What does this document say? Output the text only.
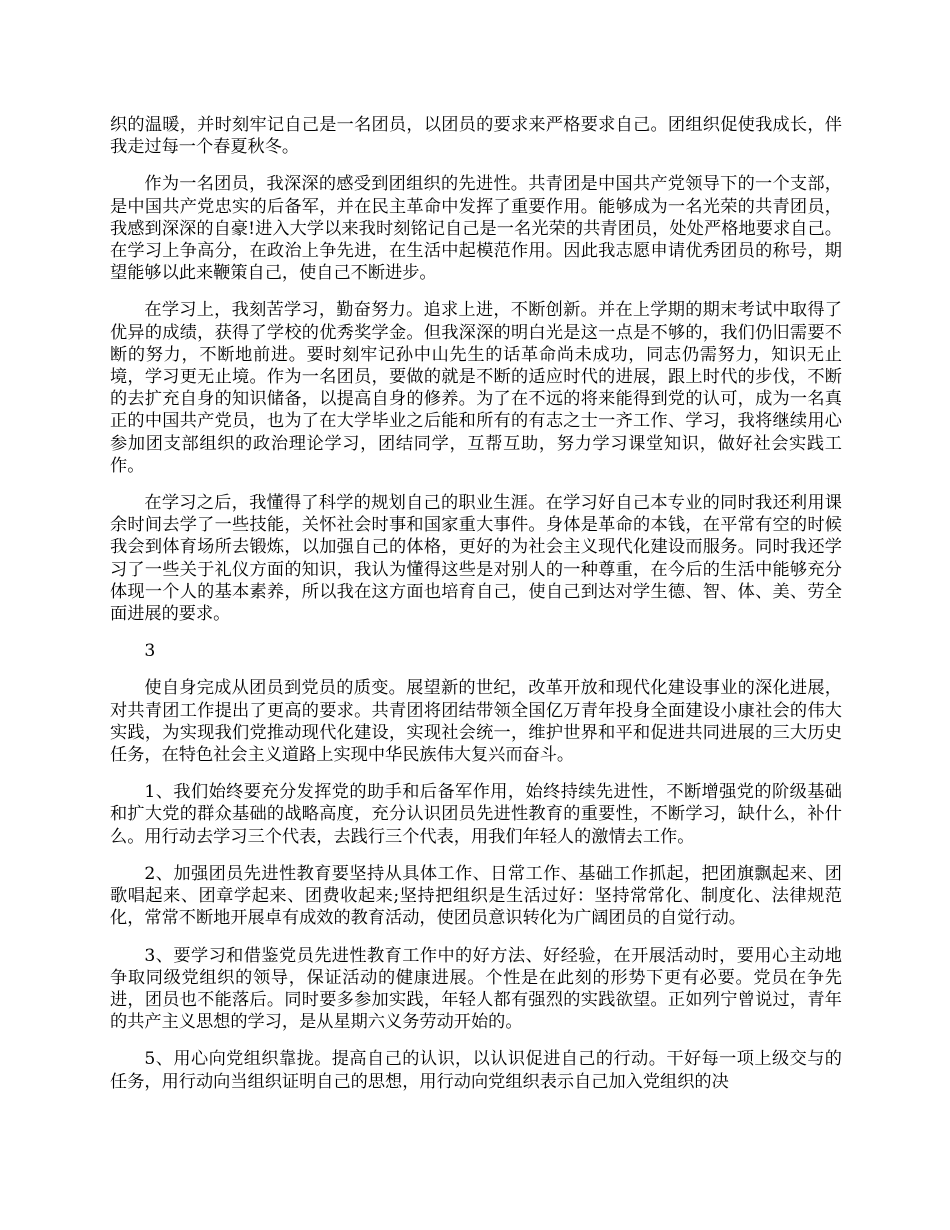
织的温暖，并时刻牢记自己是一名团员，以团员的要求来严格要求自己。团组织促使我成长，伴我走过每一个春夏秋冬。

作为一名团员，我深深的感受到团组织的先进性。共青团是中国共产党领导下的一个支部，是中国共产党忠实的后备军，并在民主革命中发挥了重要作用。能够成为一名光荣的共青团员，我感到深深的自豪!进入大学以来我时刻铭记自己是一名光荣的共青团员，处处严格地要求自己。在学习上争高分，在政治上争先进，在生活中起模范作用。因此我志愿申请优秀团员的称号，期望能够以此来鞭策自己，使自己不断进步。

在学习上，我刻苦学习，勤奋努力。追求上进，不断创新。并在上学期的期末考试中取得了优异的成绩，获得了学校的优秀奖学金。但我深深的明白光是这一点是不够的，我们仍旧需要不断的努力，不断地前进。要时刻牢记孙中山先生的话革命尚未成功，同志仍需努力，知识无止境，学习更无止境。作为一名团员，要做的就是不断的适应时代的进展，跟上时代的步伐，不断的去扩充自身的知识储备，以提高自身的修养。为了在不远的将来能得到党的认可，成为一名真正的中国共产党员，也为了在大学毕业之后能和所有的有志之士一齐工作、学习，我将继续用心参加团支部组织的政治理论学习，团结同学，互帮互助，努力学习课堂知识，做好社会实践工作。

在学习之后，我懂得了科学的规划自己的职业生涯。在学习好自己本专业的同时我还利用课余时间去学了一些技能，关怀社会时事和国家重大事件。身体是革命的本钱，在平常有空的时候我会到体育场所去锻炼，以加强自己的体格，更好的为社会主义现代化建设而服务。同时我还学习了一些关于礼仪方面的知识，我认为懂得这些是对别人的一种尊重，在今后的生活中能够充分体现一个人的基本素养，所以我在这方面也培育自己，使自己到达对学生德、智、体、美、劳全面进展的要求。

3

使自身完成从团员到党员的质变。展望新的世纪，改革开放和现代化建设事业的深化进展，对共青团工作提出了更高的要求。共青团将团结带领全国亿万青年投身全面建设小康社会的伟大实践，为实现我们党推动现代化建设，实现社会统一，维护世界和平和促进共同进展的三大历史任务，在特色社会主义道路上实现中华民族伟大复兴而奋斗。

1、我们始终要充分发挥党的助手和后备军作用，始终持续先进性，不断增强党的阶级基础和扩大党的群众基础的战略高度，充分认识团员先进性教育的重要性，不断学习，缺什么，补什么。用行动去学习三个代表，去践行三个代表，用我们年轻人的激情去工作。

2、加强团员先进性教育要坚持从具体工作、日常工作、基础工作抓起，把团旗飘起来、团歌唱起来、团章学起来、团费收起来;坚持把组织是生活过好：坚持常常化、制度化、法律规范化，常常不断地开展卓有成效的教育活动，使团员意识转化为广阔团员的自觉行动。

3、要学习和借鉴党员先进性教育工作中的好方法、好经验，在开展活动时，要用心主动地争取同级党组织的领导，保证活动的健康进展。个性是在此刻的形势下更有必要。党员在争先进，团员也不能落后。同时要多参加实践，年轻人都有强烈的实践欲望。正如列宁曾说过，青年的共产主义思想的学习，是从星期六义务劳动开始的。

5、用心向党组织靠拢。提高自己的认识，以认识促进自己的行动。干好每一项上级交与的任务，用行动向当组织证明自己的思想，用行动向党组织表示自己加入党组织的决
